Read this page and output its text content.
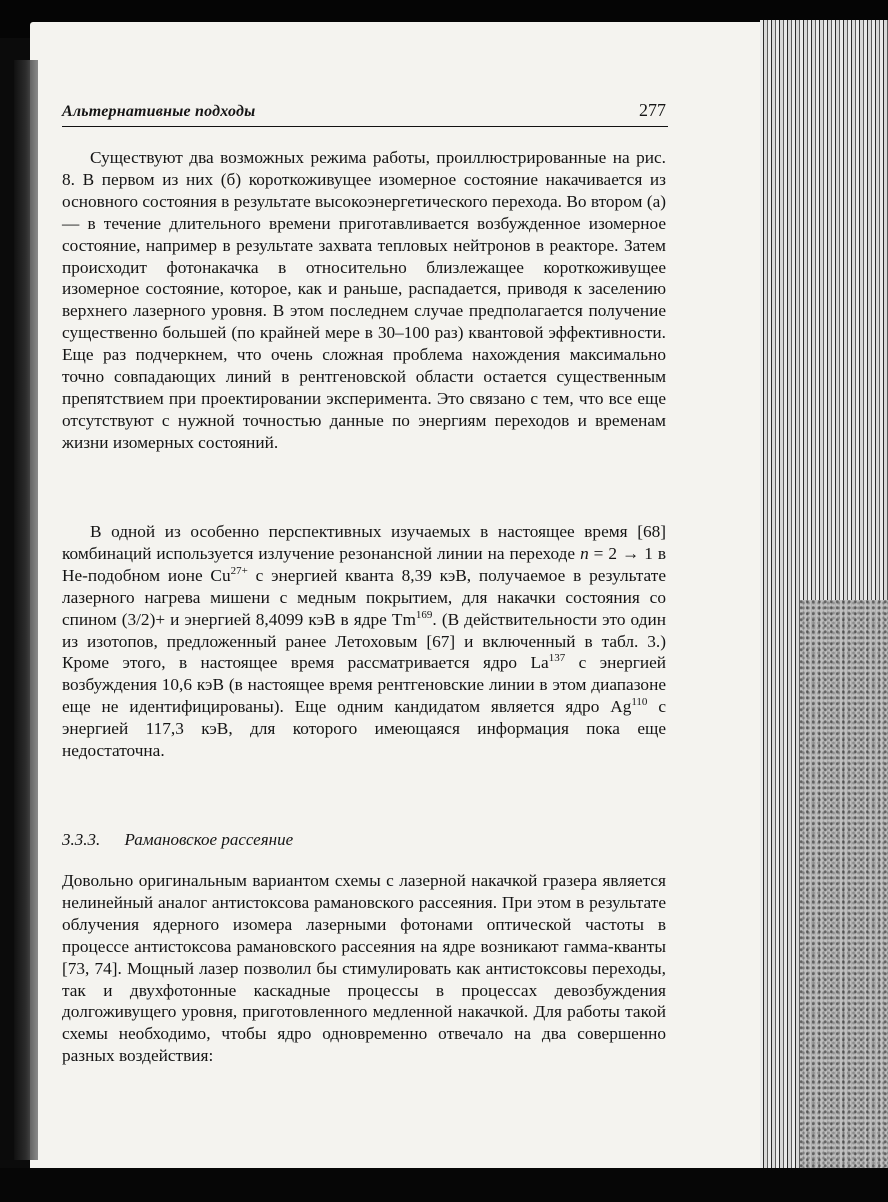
Альтернативные подходы	277

Существуют два возможных режима работы, проиллюстрированные на рис. 8. В первом из них (б) короткоживущее изомерное состояние накачивается из основного состояния в результате высокоэнергетического перехода. Во втором (а) — в течение длительного времени приготавливается возбужденное изомерное состояние, например в результате захвата тепловых нейтронов в реакторе. Затем происходит фотонакачка в относительно близлежащее короткоживущее изомерное состояние, которое, как и раньше, распадается, приводя к заселению верхнего лазерного уровня. В этом последнем случае предполагается получение существенно большей (по крайней мере в 30–100 раз) квантовой эффективности. Еще раз подчеркнем, что очень сложная проблема нахождения максимально точно совпадающих линий в рентгеновской области остается существенным препятствием при проектировании эксперимента. Это связано с тем, что все еще отсутствуют с нужной точностью данные по энергиям переходов и временам жизни изомерных состояний.

В одной из особенно перспективных изучаемых в настоящее время [68] комбинаций используется излучение резонансной линии на переходе n = 2 → 1 в He-подобном ионе $Cu^{27+}$ с энергией кванта 8,39 кэВ, получаемое в результате лазерного нагрева мишени с медным покрытием, для накачки состояния со спином (3/2)+ и энергией 8,4099 кэВ в ядре Tm$^{169}$. (В действительности это один из изотопов, предложенный ранее Летоховым [67] и включенный в табл. 3.) Кроме этого, в настоящее время рассматривается ядро La$^{137}$ с энергией возбуждения 10,6 кэВ (в настоящее время рентгеновские линии в этом диапазоне еще не идентифицированы). Еще одним кандидатом является ядро Ag$^{110}$ с энергией 117,3 кэВ, для которого имеющаяся информация пока еще недостаточна.

3.3.3. Рамановское рассеяние

Довольно оригинальным вариантом схемы с лазерной накачкой гразера является нелинейный аналог антистоксова рамановского рассеяния. При этом в результате облучения ядерного изомера лазерными фотонами оптической частоты в процессе антистоксова рамановского рассеяния на ядре возникают гамма-кванты [73, 74]. Мощный лазер позволил бы стимулировать как антистоксовы переходы, так и двухфотонные каскадные процессы в процессах девозбуждения долгоживущего уровня, приготовленного медленной накачкой. Для работы такой схемы необходимо, чтобы ядро одновременно отвечало на два совершенно разных воздействия:
